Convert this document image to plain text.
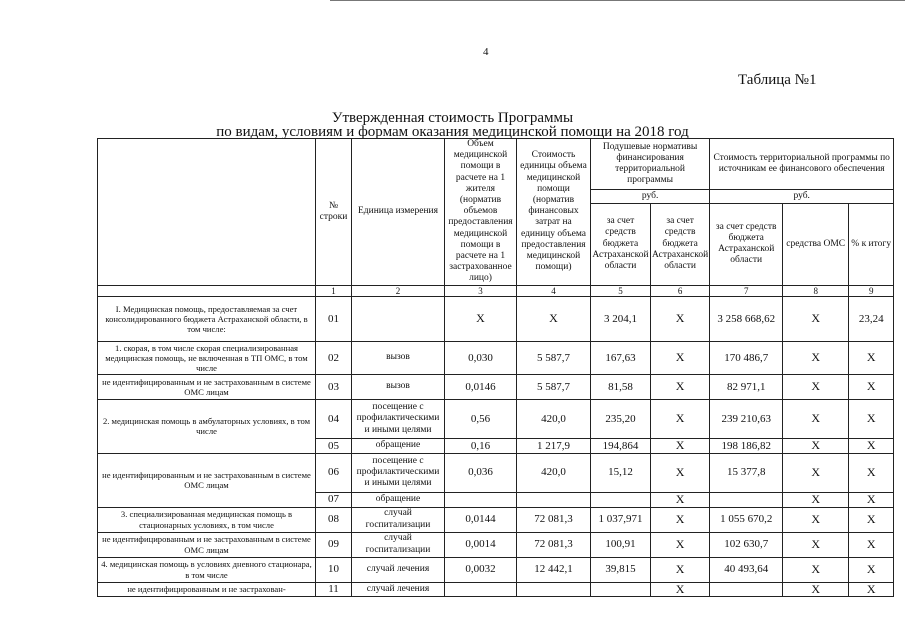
4
Таблица №1
Утвержденная стоимость Программы
по видам, условиям и формам оказания медицинской помощи на 2018 год
	№ строки	Единица измерения	Объем медицинской помощи в расчете на 1 жителя (норматив объемов предоставления медицинской помощи в расчете на 1 застрахованное лицо)	Стоимость единицы объема медицинской помощи (норматив финансовых затрат на единицу объема предоставления медицинской помощи)	Подушевые нормативы финансирования территориальной программы		Стоимость территориальной программы по источникам ее финансового обеспечения		
					руб.		руб.		
					за счет средств бюджета Астраханской области	за счет средств бюджета Астраханской области	за счет средств бюджета Астраханской области	средства ОМС	% к итогу
	1	2	3	4	5	6	7	8	9
I. Медицинская помощь, предоставляемая за счет консолидированного бюджета Астраханской области, в том числе:	01		Х	Х	3 204,1	Х	3 258 668,62	Х	23,24
1. скорая, в том числе скорая специализированная медицинская помощь, не включенная в ТП ОМС, в том числе	02	вызов	0,030	5 587,7	167,63	Х	170 486,7	Х	Х
не идентифицированным и не застрахованным в системе ОМС лицам	03	вызов	0,0146	5 587,7	81,58	Х	82 971,1	Х	Х
2. медицинская помощь в амбулаторных условиях, в том числе	04	посещение с профилактическими и иными целями	0,56	420,0	235,20	Х	239 210,63	Х	Х
	05	обращение	0,16	1 217,9	194,864	Х	198 186,82	Х	Х
не идентифицированным и не застрахованным в системе ОМС лицам	06	посещение с профилактическими и иными целями	0,036	420,0	15,12	Х	15 377,8	Х	Х
	07	обращение				Х		Х	Х
3. специализированная медицинская помощь в стационарных условиях, в том числе	08	случай госпитализации	0,0144	72 081,3	1 037,971	Х	1 055 670,2	Х	Х
не идентифицированным и не застрахованным в системе ОМС лицам	09	случай госпитализации	0,0014	72 081,3	100,91	Х	102 630,7	Х	Х
4. медицинская помощь в условиях дневного стационара, в том числе	10	случай лечения	0,0032	12 442,1	39,815	Х	40 493,64	Х	Х
не идентифицированным и не застрахован-	11	случай лечения				Х		Х	Х
